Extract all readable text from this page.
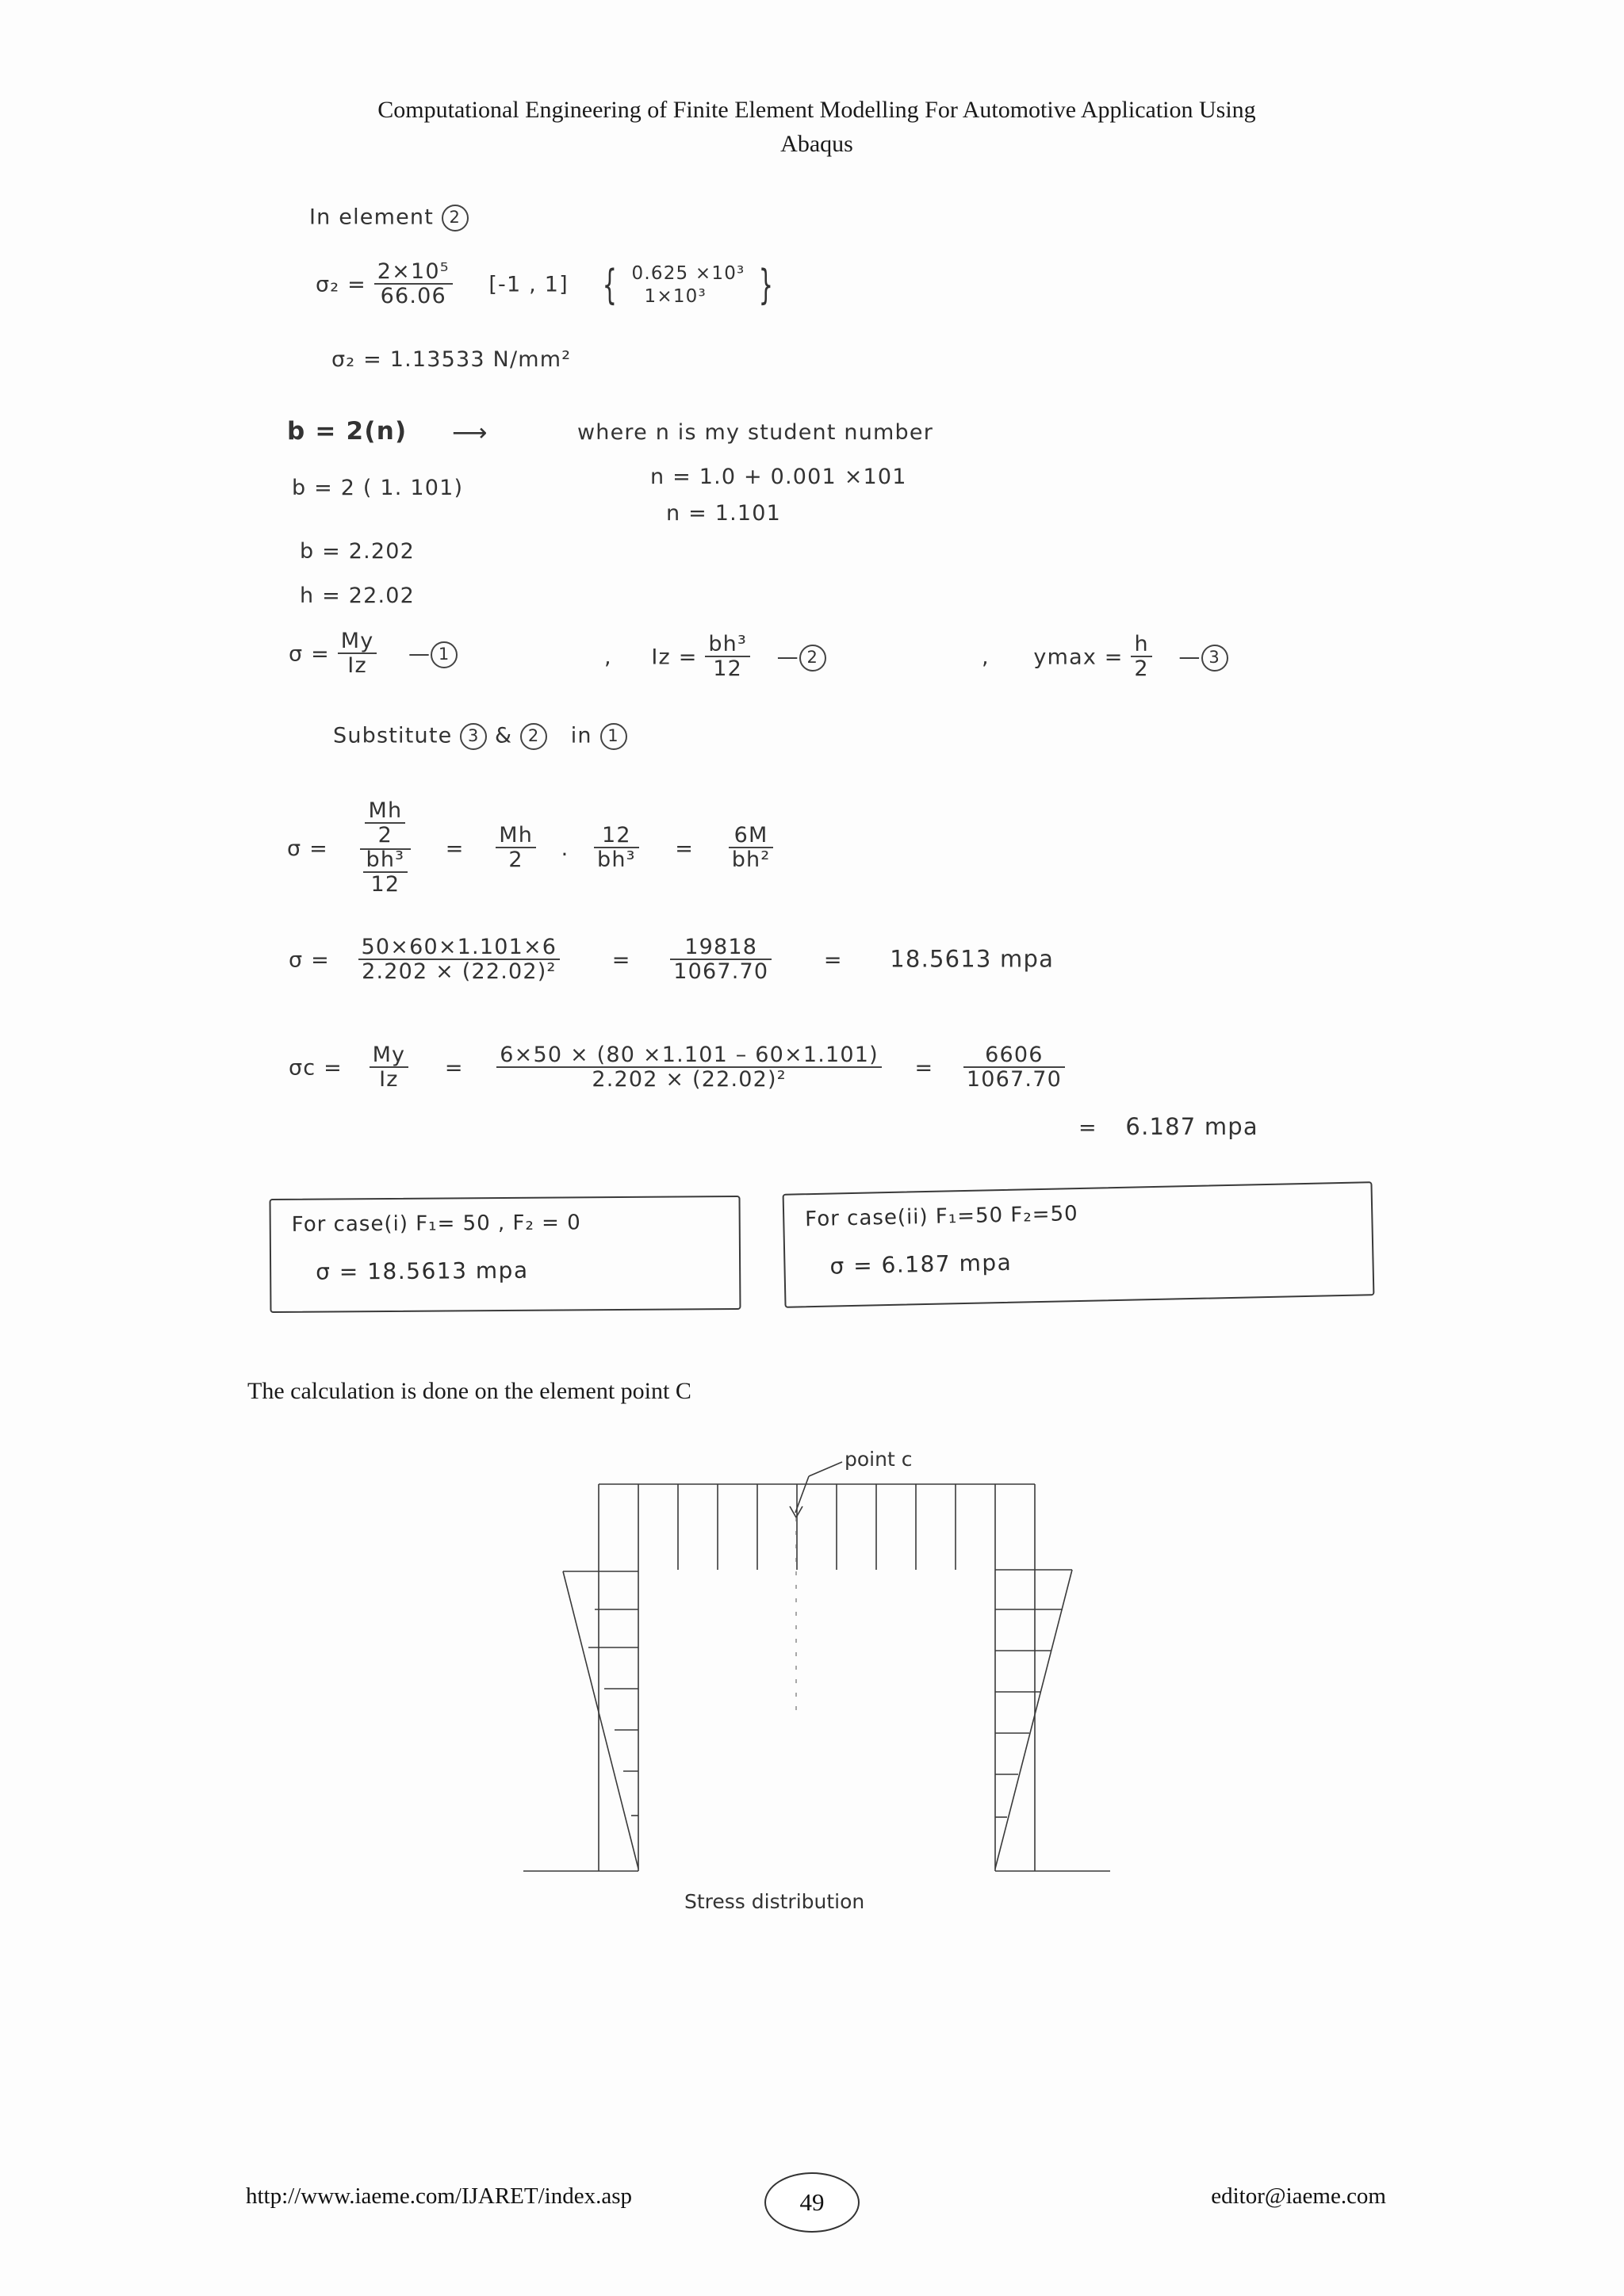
Computational Engineering of Finite Element Modelling For Automotive Application Using
Abaqus
In element 2
$\sigma_2 = \frac{\text{2×10⁵}}{66.06} [-1$ , 1] { 0.625 ×10³
1×10³	}
σ₂ = 1.13533 N/mm²
b = 2(n) ⟶	where n is my student number
n = 1.0 + 0.001 ×101
n = 1.101
b = 2 ( 1. 101)
b = 2.202
h = 22.02
$\sigma = \frac{My}{Iz}$ — 1	, $Iz = \frac{\text{bh³}}{12}$ — 2	, $ymax = \frac{h}{2}$ — 3
Substitute 3 & 2 in 1
$\sigma = \frac{\frac{Mh}{2}}{\frac{\text{bh³}}{12}} = \frac{Mh}{2}$ . $\frac{12}{\text{bh³}} = \frac{6M}{\text{bh²}}$
$\sigma = \frac{50\times 60\times 1.101\times 6}{\text{2.202 × (22.02)²}} = \frac{19818}{1067.70} = 18.5613$ mpa
$\sigma c = \frac{My}{Iz} = \frac{6\times 50 \times (80 \times 1.101 - 60\times 1.101)}{\text{2.202 × (22.02)²}} = \frac{6606}{1067.70}$
= 6.187 mpa
For case(i) F₁= 50 , F₂ = 0
σ = 18.5613 mpa
For case(ii) F₁=50 F₂=50
σ = 6.187 mpa
The calculation is done on the element point C
point c
Stress distribution
http://www.iaeme.com/IJARET/index.asp	49	editor@iaeme.com
